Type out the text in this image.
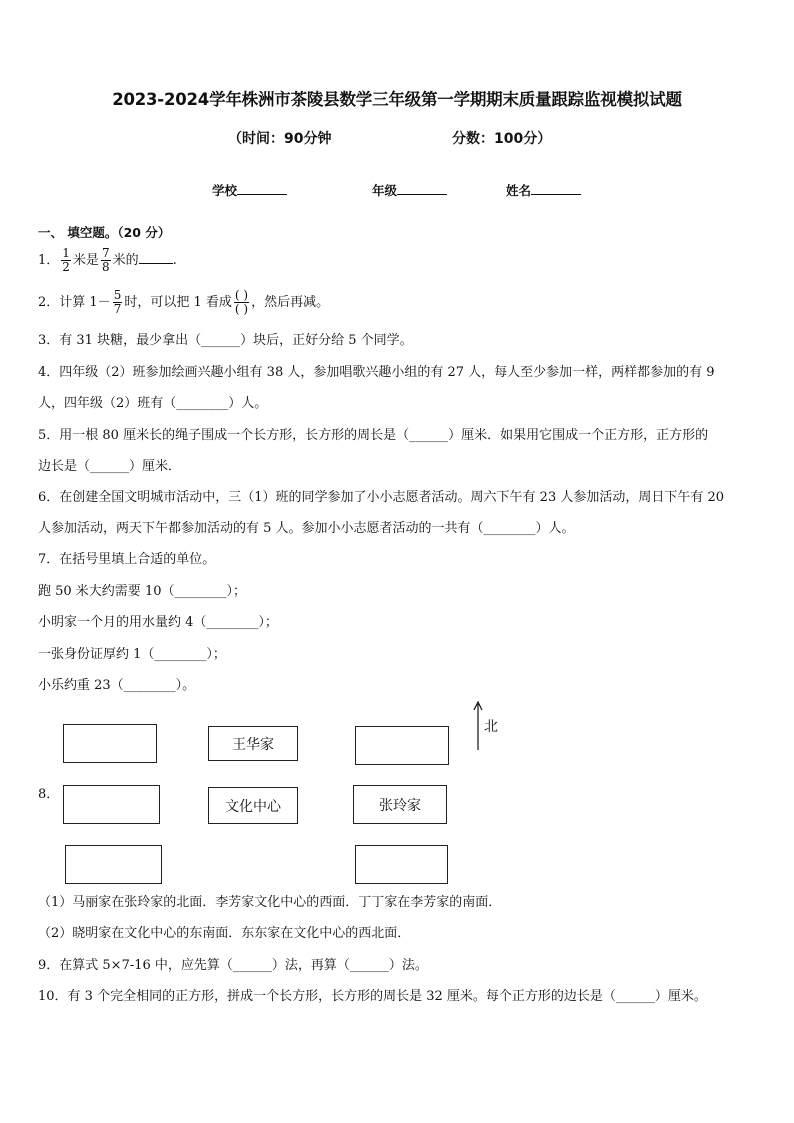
2023-2024学年株洲市茶陵县数学三年级第一学期期末质量跟踪监视模拟试题
（时间：90分钟	分数：100分）
学校	年级	姓名
一、 填空题。（20 分）
1． $\frac{1}{2}$ 米是 $\frac{7}{8}$ 米的	.
2．计算 $1- \frac{5}{7}$ 时，可以把 1 看成 $\frac{( )}{( )}$ ，然后再减。
3．有 31 块糖，最少拿出（______）块后，正好分给 5 个同学。
4．四年级（2）班参加绘画兴趣小组有 38 人，参加唱歌兴趣小组的有 27 人，每人至少参加一样，两样都参加的有 9
人，四年级（2）班有（________）人。
5．用一根 80 厘米长的绳子围成一个长方形，长方形的周长是（______）厘米．如果用它围成一个正方形，正方形的
边长是（______）厘米．
6．在创建全国文明城市活动中，三（1）班的同学参加了小小志愿者活动。周六下午有 23 人参加活动，周日下午有 20
人参加活动，两天下午都参加活动的有 5 人。参加小小志愿者活动的一共有（________）人。
7．在括号里填上合适的单位。
跑 50 米大约需要 10（________）；
小明家一个月的用水量约 4（________）；
一张身份证厚约 1（________）；
小乐约重 23（________）。
王华家
北
8．
文化中心	张玲家
（1）马丽家在张玲家的北面．李芳家文化中心的西面．丁丁家在李芳家的南面．
（2）晓明家在文化中心的东南面．东东家在文化中心的西北面．
9．在算式 5×7-16 中，应先算（______）法，再算（______）法。
10．有 3 个完全相同的正方形，拼成一个长方形，长方形的周长是 32 厘米。每个正方形的边长是（______）厘米。
